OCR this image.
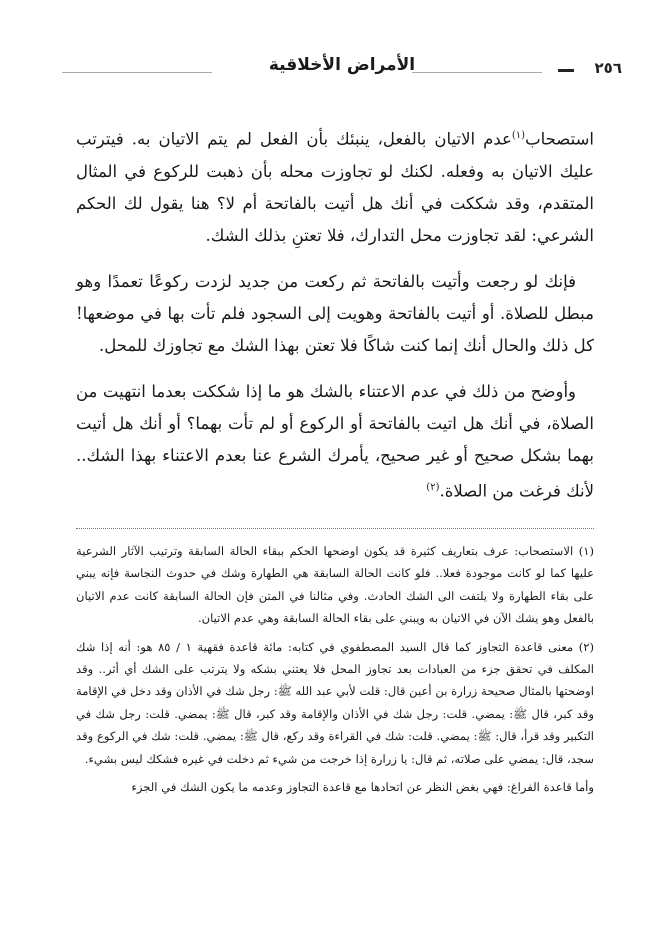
٢٥٦
الأمراض الأخلاقية

استصحاب$^{(١)}$عدم الاتيان بالفعل، ينبئك بأن الفعل لم يتم الاتيان به. فيترتب عليك الاتيان به وفعله. لكنك لو تجاوزت محله بأن ذهبت للركوع في المثال المتقدم، وقد شككت في أنك هل أتيت بالفاتحة أم لا؟ هنا يقول لك الحكم الشرعي: لقد تجاوزت محل التدارك، فلا تعتنِ بذلك الشك.

فإنك لو رجعت وأتيت بالفاتحة ثم ركعت من جديد لزدت ركوعًا تعمدًا وهو مبطل للصلاة. أو أتيت بالفاتحة وهويت إلى السجود فلم تأت بها في موضعها! كل ذلك والحال أنك إنما كنت شاكًا فلا تعتن بهذا الشك مع تجاوزك للمحل.

وأوضح من ذلك في عدم الاعتناء بالشك هو ما إذا شككت بعدما انتهيت من الصلاة، في أنك هل اتيت بالفاتحة أو الركوع أو لم تأت بهما؟ أو أنك هل أتيت بهما بشكل صحيح أو غير صحيح، يأمرك الشرع عنا بعدم الاعتناء بهذا الشك.. لأنك فرغت من الصلاة.$^{(٢)}$

(١) الاستصحاب: عرف بتعاريف كثيرة قد يكون اوضحها الحكم ببقاء الحالة السابقة وترتيب الآثار الشرعية عليها كما لو كانت موجودة فعلا.. فلو كانت الحالة السابقة هي الطهارة وشك في حدوث النجاسة فإنه يبني على بقاء الطهارة ولا يلتفت الى الشك الحادث. وفي مثالنا في المتن فإن الحالة السابقة كانت عدم الاتيان بالفعل وهو يشك الآن في الاتيان به ويبني على بقاء الحالة السابقة وهي عدم الاتيان.

(٢) معنى قاعدة التجاوز كما قال السيد المصطفوي في كتابه: مائة قاعدة فقهية ١ / ٨٥ هو: أنه إذا شك المكلف في تحقق جزء من العبادات بعد تجاوز المحل فلا يعتني بشكه ولا يترتب على الشك أي أثر.. وقد اوضحتها بالمثال صحيحة زرارة بن أعين قال: قلت لأبي عبد الله ﷺ: رجل شك في الأذان وقد دخل في الإقامة وقد كبر، قال ﷺ: يمضي. قلت: رجل شك في الأذان والإقامة وقد كبر، قال ﷺ: يمضي. قلت: رجل شك في التكبير وقد قرأ، قال: ﷺ: يمضي. قلت: شك في القراءة وقد ركع، قال ﷺ: يمضي. قلت: شك في الركوع وقد سجد، قال: يمضي على صلاته، ثم قال: يا زرارة إذا خرجت من شيء ثم دخلت في غيره فشكك ليس بشيء.

وأما قاعدة الفراغ: فهي بغض النظر عن اتحادها مع قاعدة التجاوز وعدمه ما يكون الشك في الجزء
